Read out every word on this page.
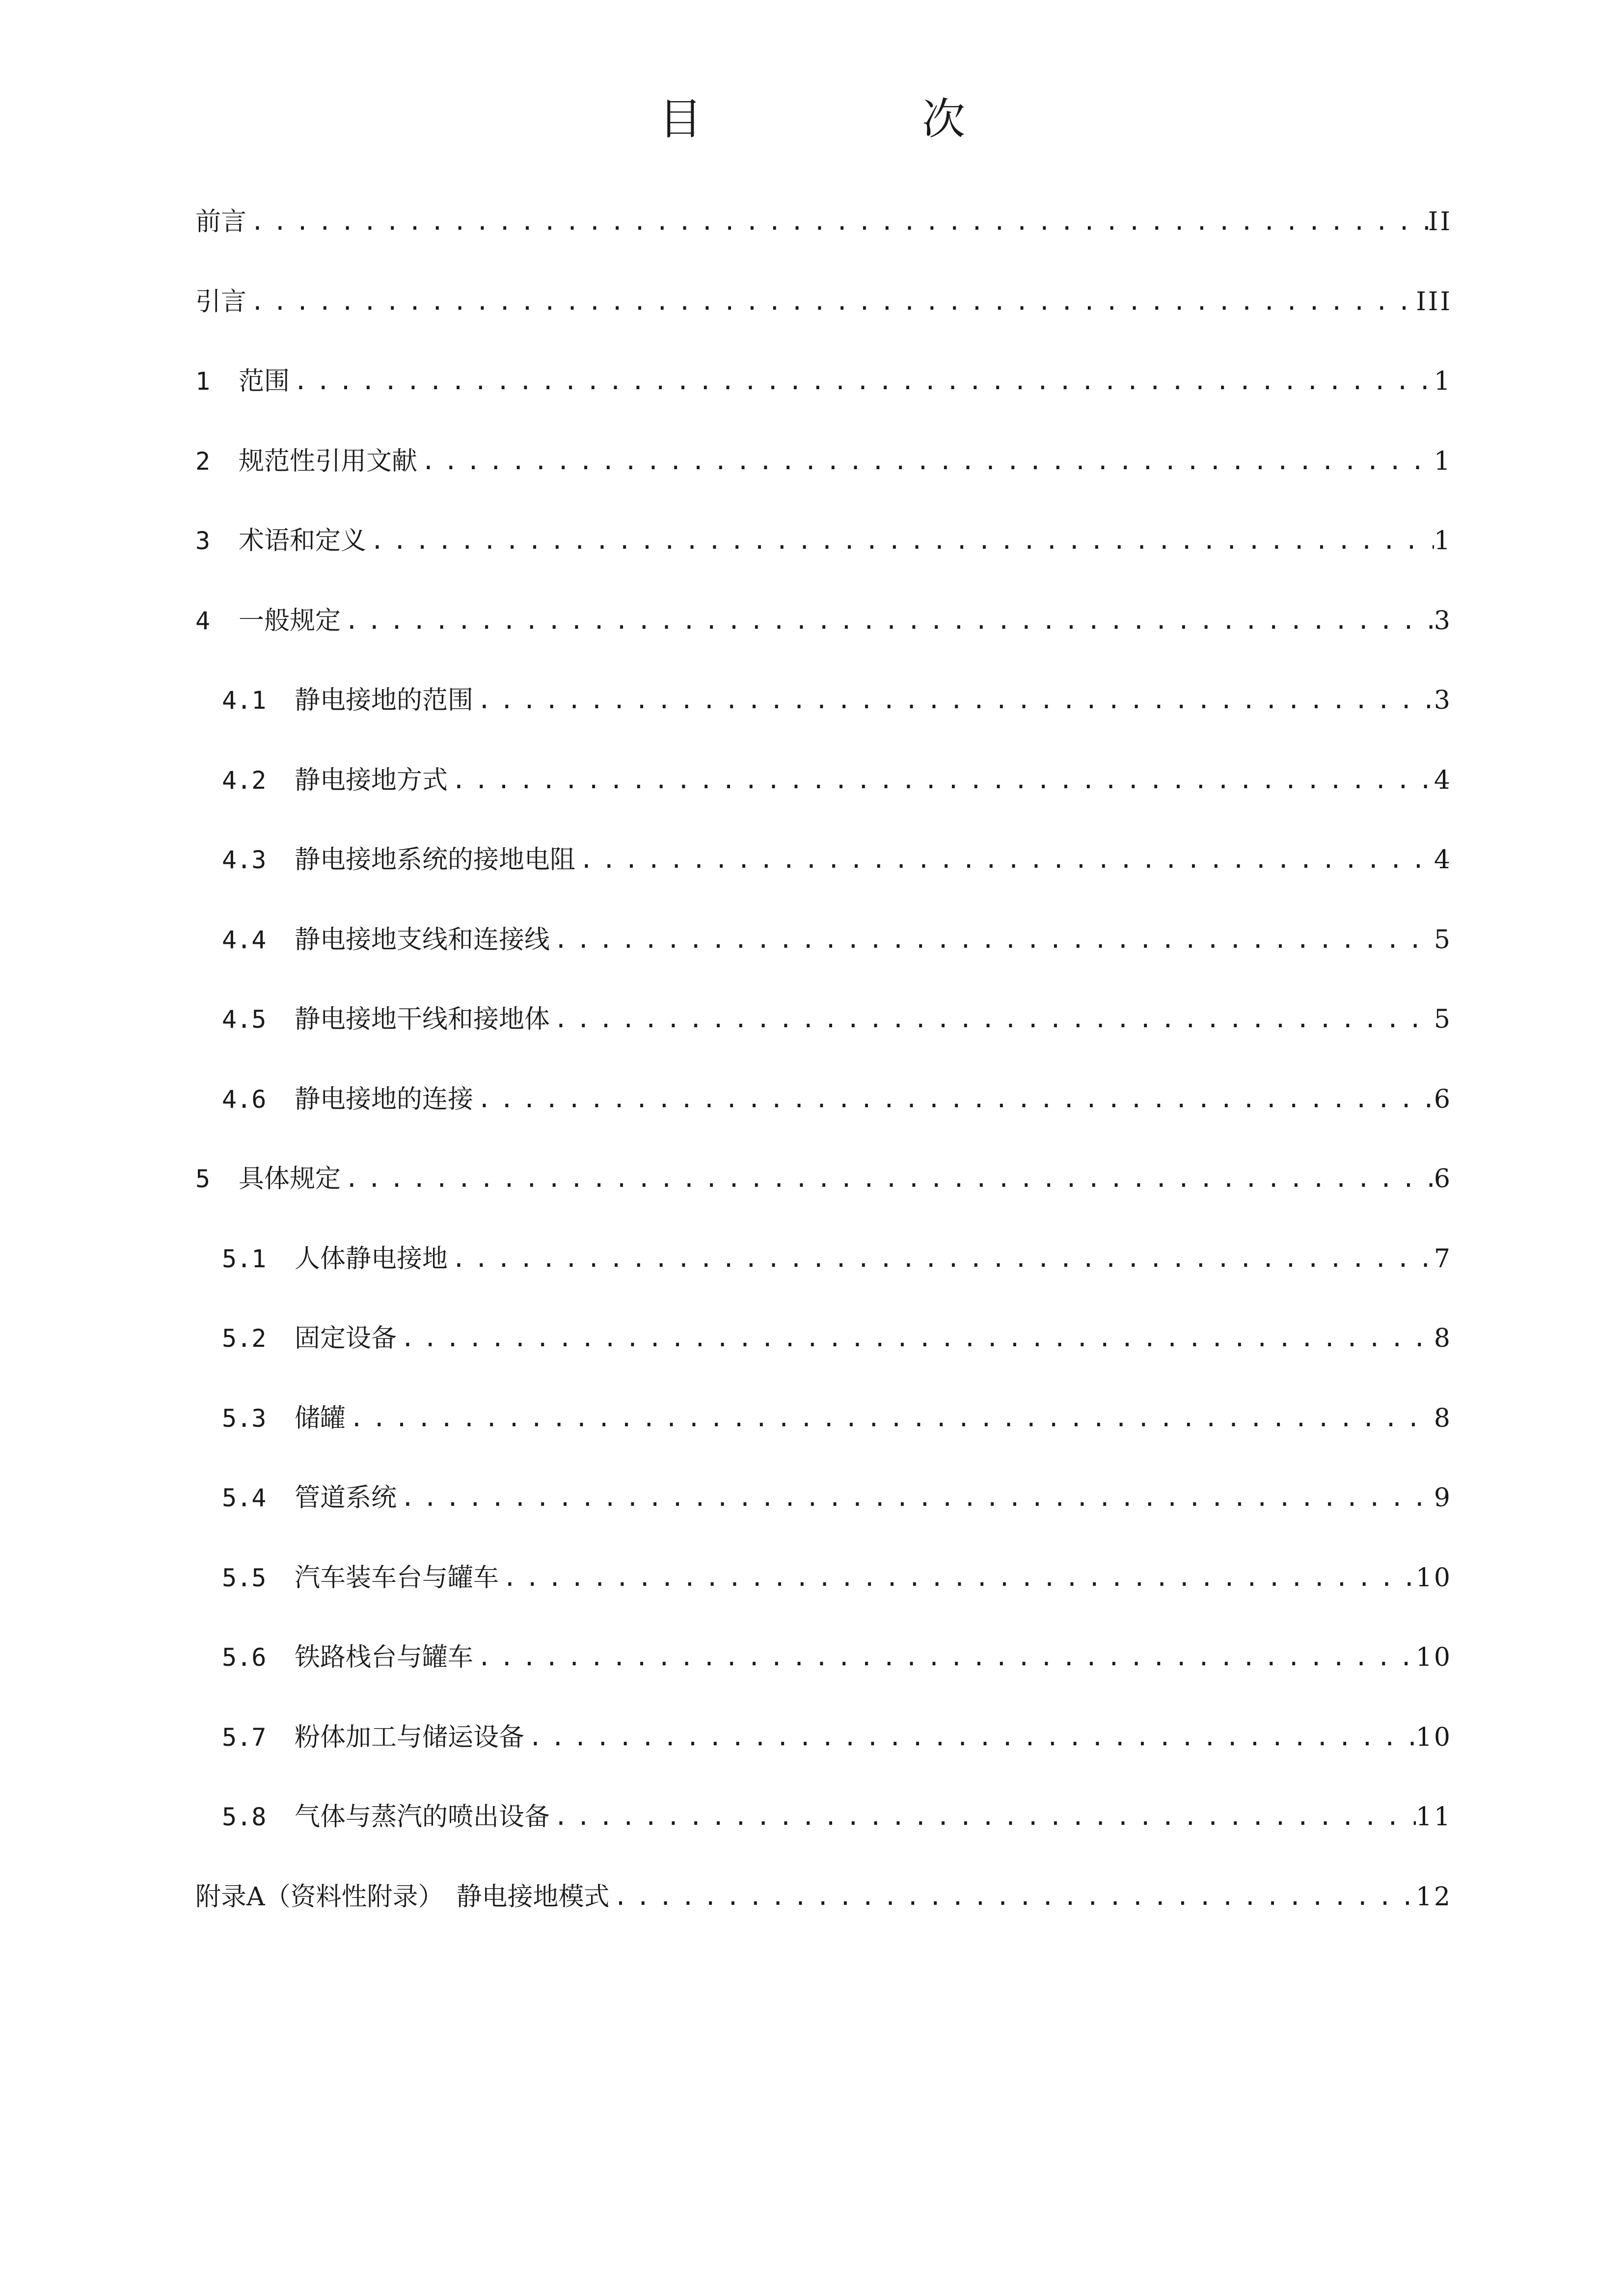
目　次
前言 . . .	II
引言 . . .	III
1	范围 . . .	1
2	规范性引用文献 . . .	1
3	术语和定义 . . .	1
4	一般规定 . . .	3
4.1	静电接地的范围 . . .	3
4.2	静电接地方式 . . .	4
4.3	静电接地系统的接地电阻 . . .	4
4.4	静电接地支线和连接线 . . .	5
4.5	静电接地干线和接地体 . . .	5
4.6	静电接地的连接 . . .	6
5	具体规定 . . .	6
5.1	人体静电接地 . . .	7
5.2	固定设备 . . .	8
5.3	储罐 . . .	8
5.4	管道系统 . . .	9
5.5	汽车装车台与罐车 . . .	10
5.6	铁路栈台与罐车 . . .	10
5.7	粉体加工与储运设备 . . .	10
5.8	气体与蒸汽的喷出设备 . . .	11
附录A（资料性附录）　静电接地模式 . . .	12
